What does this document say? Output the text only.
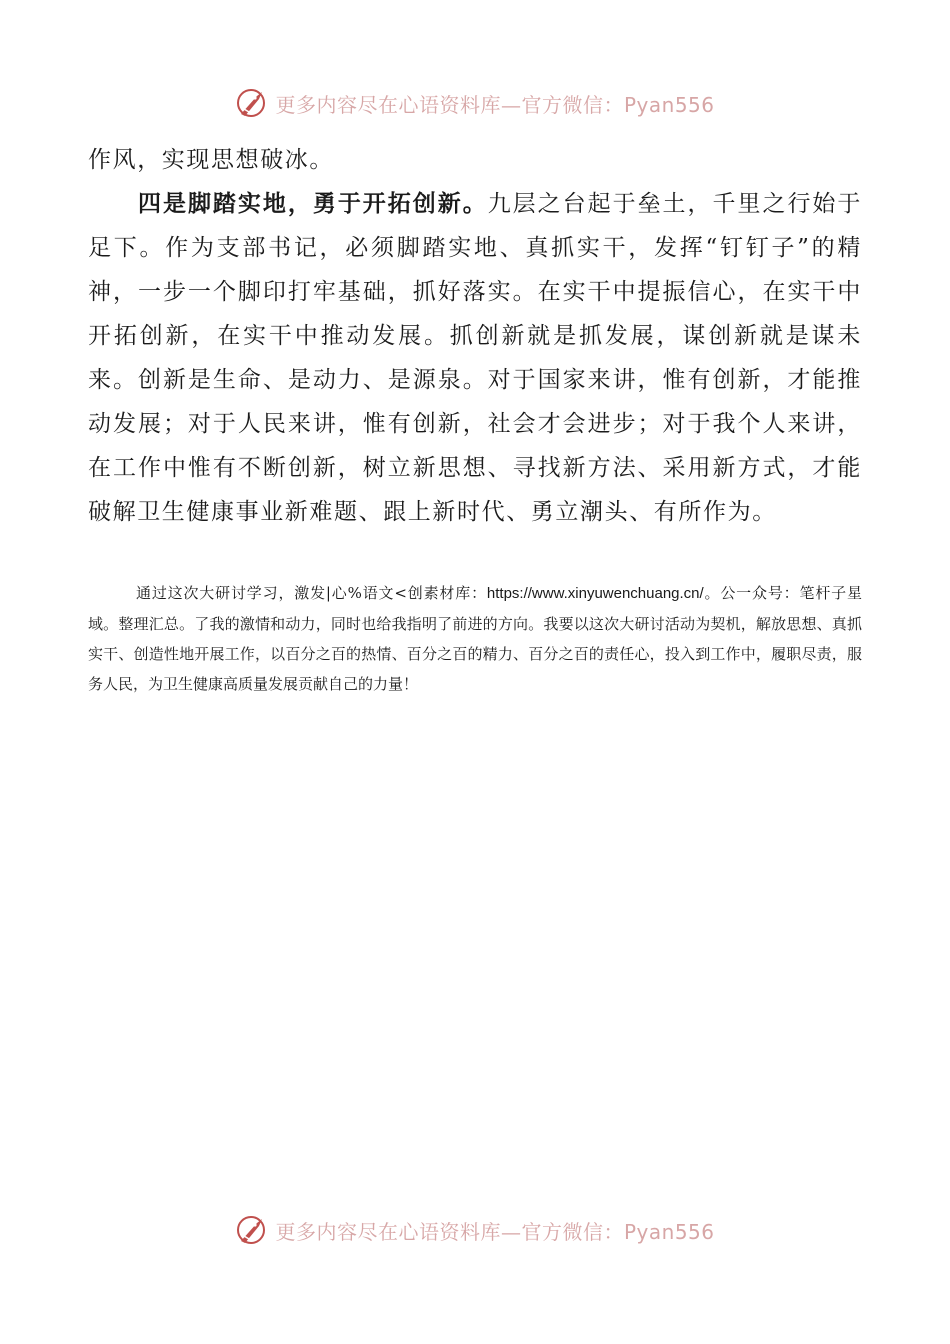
更多内容尽在心语资料库—官方微信：Pyan556

作风，实现思想破冰。

四是脚踏实地，勇于开拓创新。九层之台起于垒土，千里之行始于足下。作为支部书记，必须脚踏实地、真抓实干，发挥“钉钉子”的精神，一步一个脚印打牢基础，抓好落实。在实干中提振信心，在实干中开拓创新，在实干中推动发展。抓创新就是抓发展，谋创新就是谋未来。创新是生命、是动力、是源泉。对于国家来讲，惟有创新，才能推动发展；对于人民来讲，惟有创新，社会才会进步；对于我个人来讲，在工作中惟有不断创新，树立新思想、寻找新方法、采用新方式，才能破解卫生健康事业新难题、跟上新时代、勇立潮头、有所作为。

通过这次大研讨学习，激发|心%语文<创素材库：https://www.xinyuwenchuang.cn/。公一众号：笔杆子星域。整理汇总。了我的激情和动力，同时也给我指明了前进的方向。我要以这次大研讨活动为契机，解放思想、真抓实干、创造性地开展工作，以百分之百的热情、百分之百的精力、百分之百的责任心，投入到工作中，履职尽责，服务人民，为卫生健康高质量发展贡献自己的力量！

更多内容尽在心语资料库—官方微信：Pyan556
